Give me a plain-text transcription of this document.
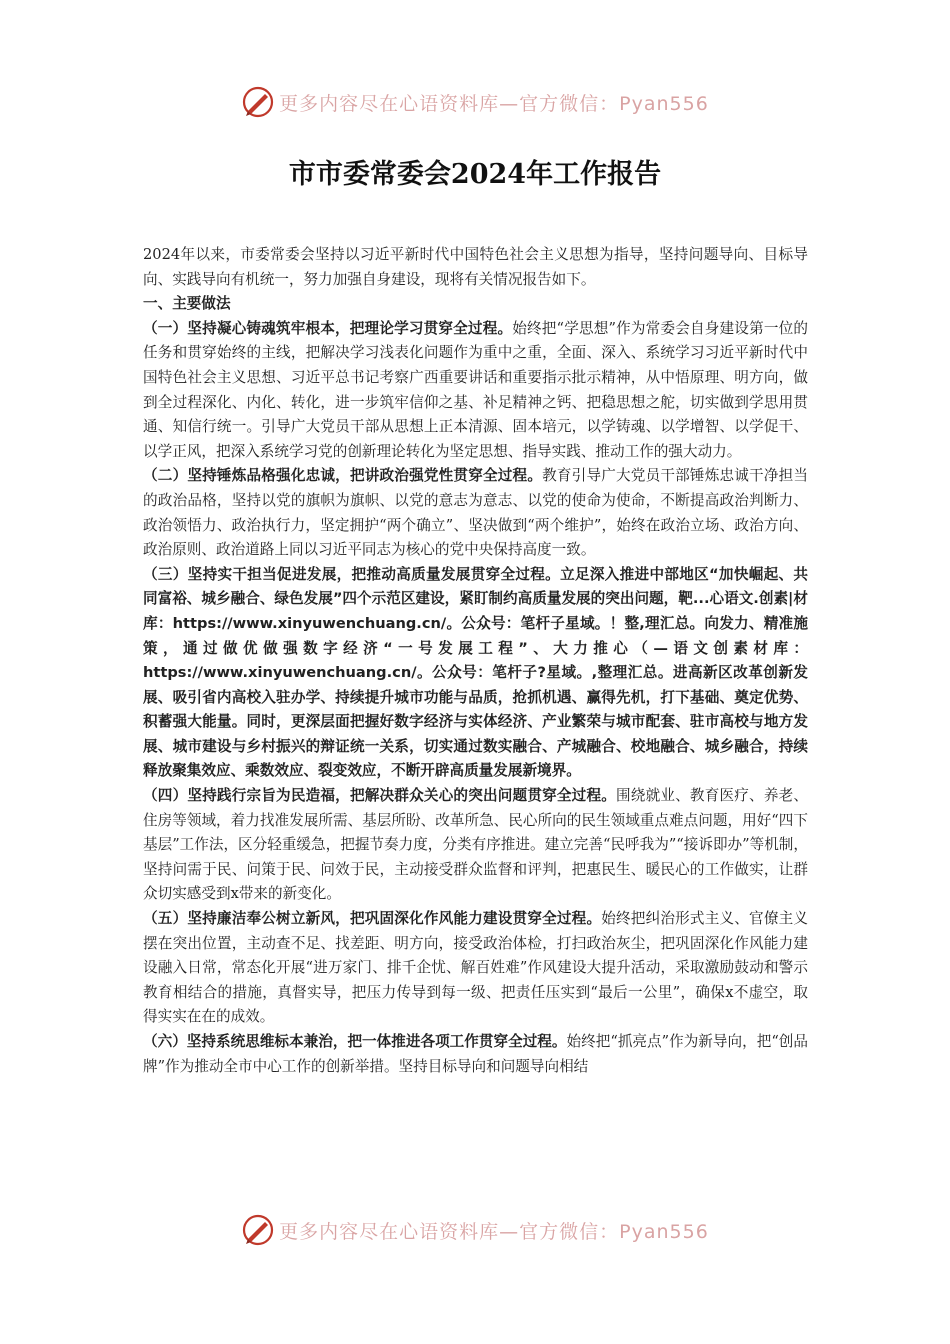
更多内容尽在心语资料库—官方微信：Pyan556
市市委常委会2024年工作报告

2024年以来，市委常委会坚持以习近平新时代中国特色社会主义思想为指导，坚持问题导向、目标导向、实践导向有机统一，努力加强自身建设，现将有关情况报告如下。

一、主要做法

（一）坚持凝心铸魂筑牢根本，把理论学习贯穿全过程。始终把“学思想”作为常委会自身建设第一位的任务和贯穿始终的主线，把解决学习浅表化问题作为重中之重，全面、深入、系统学习习近平新时代中国特色社会主义思想、习近平总书记考察广西重要讲话和重要指示批示精神，从中悟原理、明方向，做到全过程深化、内化、转化，进一步筑牢信仰之基、补足精神之钙、把稳思想之舵，切实做到学思用贯通、知信行统一。引导广大党员干部从思想上正本清源、固本培元，以学铸魂、以学增智、以学促干、以学正风，把深入系统学习党的创新理论转化为坚定思想、指导实践、推动工作的强大动力。

（二）坚持锤炼品格强化忠诚，把讲政治强党性贯穿全过程。教育引导广大党员干部锤炼忠诚干净担当的政治品格，坚持以党的旗帜为旗帜、以党的意志为意志、以党的使命为使命，不断提高政治判断力、政治领悟力、政治执行力，坚定拥护“两个确立”、坚决做到“两个维护”，始终在政治立场、政治方向、政治原则、政治道路上同以习近平同志为核心的党中央保持高度一致。

（三）坚持实干担当促进发展，把推动高质量发展贯穿全过程。立足深入推进中部地区“加快崛起、共同富裕、城乡融合、绿色发展”四个示范区建设，紧盯制约高质量发展的突出问题，靶...心语文.创素|材库：https://www.xinyuwenchuang.cn/。公众号：笔杆子星域。！整,理汇总。向发力、精准施策，通过做优做强数字经济“一号发展工程”、大力推心（—语文创素材库：https://www.xinyuwenchuang.cn/。公众号：笔杆子?星域。,整理汇总。进高新区改革创新发展、吸引省内高校入驻办学、持续提升城市功能与品质，抢抓机遇、赢得先机，打下基础、奠定优势、积蓄强大能量。同时，更深层面把握好数字经济与实体经济、产业繁荣与城市配套、驻市高校与地方发展、城市建设与乡村振兴的辩证统一关系，切实通过数实融合、产城融合、校地融合、城乡融合，持续释放聚集效应、乘数效应、裂变效应，不断开辟高质量发展新境界。

（四）坚持践行宗旨为民造福，把解决群众关心的突出问题贯穿全过程。围绕就业、教育医疗、养老、住房等领域，着力找准发展所需、基层所盼、改革所急、民心所向的民生领域重点难点问题，用好“四下基层”工作法，区分轻重缓急，把握节奏力度，分类有序推进。建立完善“民呼我为”“接诉即办”等机制，坚持问需于民、问策于民、问效于民，主动接受群众监督和评判，把惠民生、暖民心的工作做实，让群众切实感受到x带来的新变化。

（五）坚持廉洁奉公树立新风，把巩固深化作风能力建设贯穿全过程。始终把纠治形式主义、官僚主义摆在突出位置，主动查不足、找差距、明方向，接受政治体检，打扫政治灰尘，把巩固深化作风能力建设融入日常，常态化开展“进万家门、排千企忧、解百姓难”作风建设大提升活动，采取激励鼓动和警示教育相结合的措施，真督实导，把压力传导到每一级、把责任压实到“最后一公里”，确保x不虚空，取得实实在在的成效。

（六）坚持系统思维标本兼治，把一体推进各项工作贯穿全过程。始终把“抓亮点”作为新导向，把“创品牌”作为推动全市中心工作的创新举措。坚持目标导向和问题导向相结

更多内容尽在心语资料库—官方微信：Pyan556
